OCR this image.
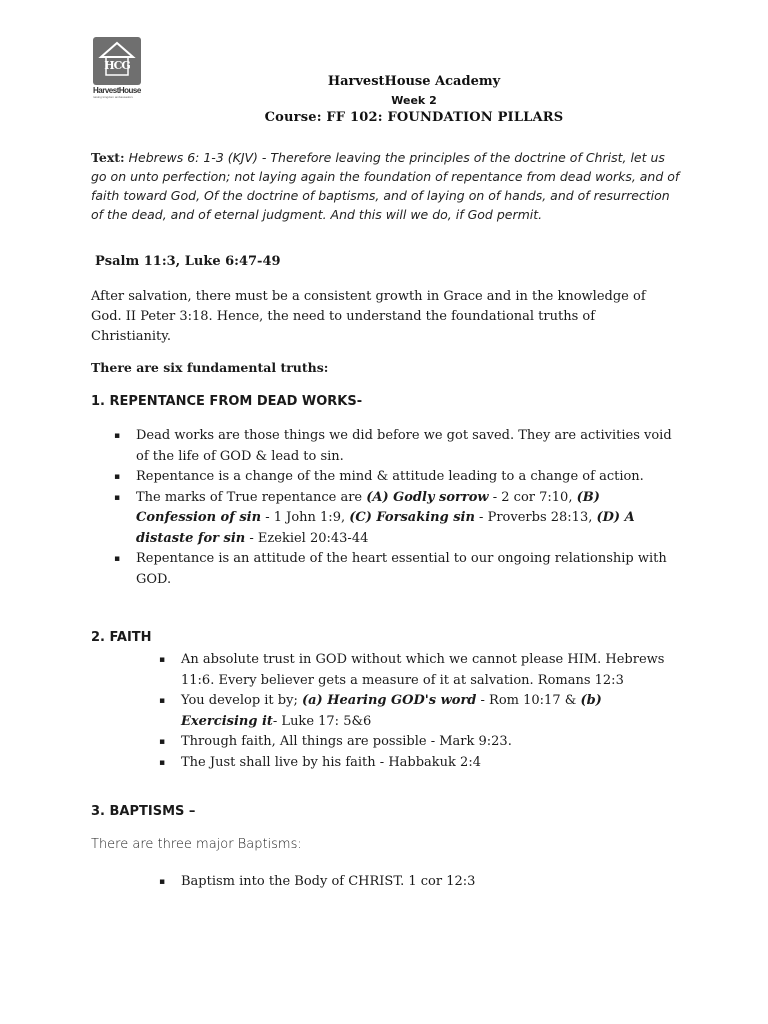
HCG
HarvestHouse
raising kingdom ambassadors
HarvestHouse Academy
Week 2
Course: FF 102: FOUNDATION PILLARS
Text: Hebrews 6: 1-3 (KJV) - Therefore leaving the principles of the doctrine of Christ, let us go on unto perfection; not laying again the foundation of repentance from dead works, and of faith toward God, Of the doctrine of baptisms, and of laying on of hands, and of resurrection of the dead, and of eternal judgment. And this will we do, if God permit.
Psalm 11:3, Luke 6:47-49
After salvation, there must be a consistent growth in Grace and in the knowledge of God. II Peter 3:18. Hence, the need to understand the foundational truths of Christianity.
There are six fundamental truths:
1. REPENTANCE FROM DEAD WORKS-
▪ Dead works are those things we did before we got saved. They are activities void of the life of GOD & lead to sin.
▪ Repentance is a change of the mind & attitude leading to a change of action.
▪ The marks of True repentance are (A) Godly sorrow - 2 cor 7:10, (B) Confession of sin - 1 John 1:9, (C) Forsaking sin - Proverbs 28:13, (D) A distaste for sin - Ezekiel 20:43-44
▪ Repentance is an attitude of the heart essential to our ongoing relationship with GOD.
2. FAITH
▪ An absolute trust in GOD without which we cannot please HIM. Hebrews 11:6. Every believer gets a measure of it at salvation. Romans 12:3
▪ You develop it by; (a) Hearing GOD's word - Rom 10:17 & (b) Exercising it- Luke 17: 5&6
▪ Through faith, All things are possible - Mark 9:23.
▪ The Just shall live by his faith - Habbakuk 2:4
3. BAPTISMS –
There are three major Baptisms:
▪ Baptism into the Body of CHRIST. 1 cor 12:3
